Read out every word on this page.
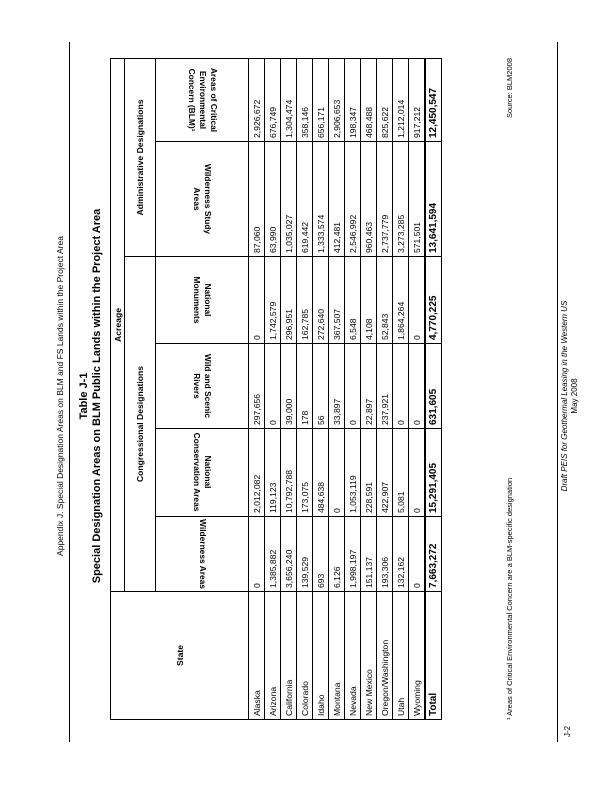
Appendix J. Special Designation Areas on BLM and FS Lands within the Project Area Table J-1 Special Designation Areas on BLM Public Lands within the Project Area
State	Acreage					
	Congressional Designations				Administrative Designations	

	Wilderness Areas	National Conservation Areas	Wild and Scenic Rivers	National Monuments	Wilderness Study Areas	Areas of Critical Environmental Concern (BLM)¹

Alaska	0	2,012,082	297,656	0	87,060	2,926,672
Arizona	1,385,882	119,123	0	1,742,579	63,990	676,749
California	3,656,240	10,792,788	39,000	296,951	1,035,027	1,304,474
Colorado	139,529	173,075	178	162,785	619,442	358,146
Idaho	693	484,638	56	272,640	1,333,574	656,171
Montana	6,126	0	33,897	367,507	412,481	2,906,653
Nevada	1,998,197	1,053,119	0	6,548	2,546,992	198,347
New Mexico	151,137	228,591	22,897	4,108	960,463	468,488
Oregon/Washington	193,306	422,907	237,921	52,843	2,737,779	825,622
Utah	132,162	5,081	0	1,864,264	3,273,285	1,212,014
Wyoming	0	0	0	0	571,501	917,212
Total	7,663,272	15,291,405	631,605	4,770,225	13,641,594	12,450,547
¹ Areas of Critical Environmental Concern are a BLM-specific designation
Source: BLM2008
J-2
Draft PEIS for Geothermal Leasing in the Western US May 2008
